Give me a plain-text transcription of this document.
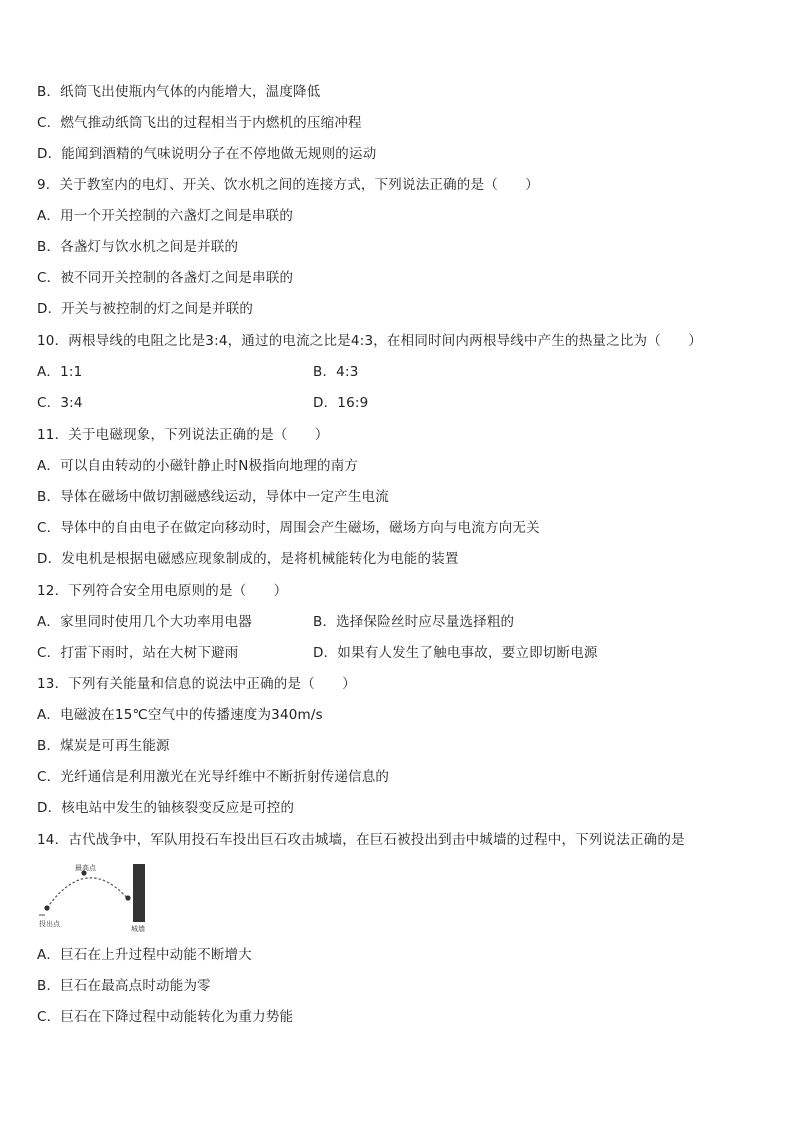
B．纸筒飞出使瓶内气体的内能增大，温度降低
C．燃气推动纸筒飞出的过程相当于内燃机的压缩冲程
D．能闻到酒精的气味说明分子在不停地做无规则的运动
9．关于教室内的电灯、开关、饮水机之间的连接方式，下列说法正确的是（　　）
A．用一个开关控制的六盏灯之间是串联的
B．各盏灯与饮水机之间是并联的
C．被不同开关控制的各盏灯之间是串联的
D．开关与被控制的灯之间是并联的
10．两根导线的电阻之比是3:4，通过的电流之比是4:3，在相同时间内两根导线中产生的热量之比为（　　）
A．1:1	B．4:3
C．3:4	D．16:9
11．关于电磁现象，下列说法正确的是（　　）
A．可以自由转动的小磁针静止时N极指向地理的南方
B．导体在磁场中做切割磁感线运动，导体中一定产生电流
C．导体中的自由电子在做定向移动时，周围会产生磁场，磁场方向与电流方向无关
D．发电机是根据电磁感应现象制成的，是将机械能转化为电能的装置
12．下列符合安全用电原则的是（　　）
A．家里同时使用几个大功率用电器	B．选择保险丝时应尽量选择粗的
C．打雷下雨时，站在大树下避雨	D．如果有人发生了触电事故，要立即切断电源
13．下列有关能量和信息的说法中正确的是（　　）
A．电磁波在15℃空气中的传播速度为340m/s
B．煤炭是可再生能源
C．光纤通信是利用激光在光导纤维中不断折射传递信息的
D．核电站中发生的铀核裂变反应是可控的
14．古代战争中，军队用投石车投出巨石攻击城墙，在巨石被投出到击中城墙的过程中，下列说法正确的是
投出点
最高点
城墙
A．巨石在上升过程中动能不断增大
B．巨石在最高点时动能为零
C．巨石在下降过程中动能转化为重力势能
